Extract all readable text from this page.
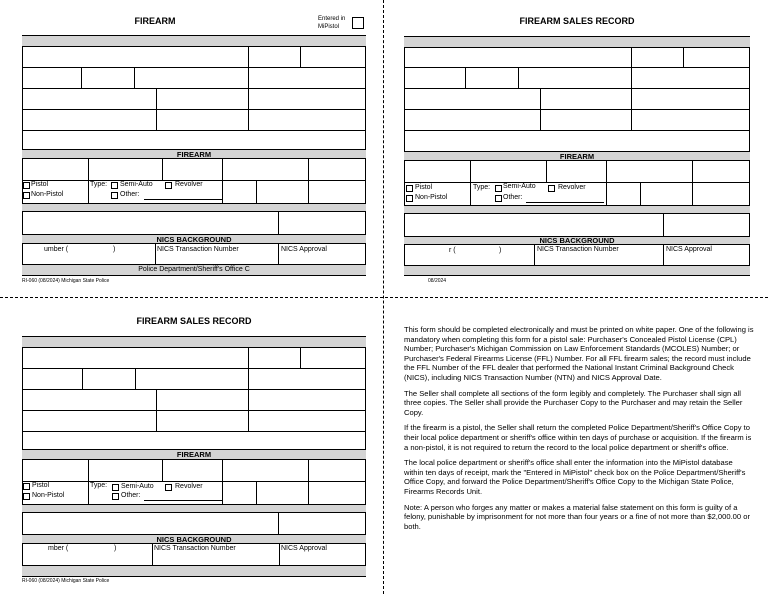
FIREARM	Entered in
MiPistol
FIREARM
Pistol
Non-Pistol
Type: Semi-Auto	Revolver
Other:
NICS BACKGROUND
umber (	)	NICS Transaction Number	NICS Approval
Police Department/Sheriff's Office C
RI-060 (08/2024) Michigan State Police
FIREARM SALES RECORD
FIREARM
Pistol
Non-Pistol
Type: Semi-Auto	Revolver
Other:
NICS BACKGROUND
r (	)	NICS Transaction Number	NICS Approval
08/2024
FIREARM SALES RECORD
FIREARM
Pistol
Non-Pistol
Type: Semi-Auto	Revolver
Other:
NICS BACKGROUND
mber (	)	NICS Transaction Number	NICS Approval
RI-060 (08/2024) Michigan State Police

This form should be completed electronically and must be printed on white paper. One of the following is mandatory when completing this form for a pistol sale: Purchaser's Concealed Pistol License (CPL) Number; Purchaser's Michigan Commission on Law Enforcement Standards (MCOLES) Number; or Purchaser's Federal Firearms License (FFL) Number. For all FFL firearm sales; the record must include the FFL Number of the FFL dealer that performed the National Instant Criminal Background Check (NICS), including NICS Transaction Number (NTN) and NICS Approval Date.

The Seller shall complete all sections of the form legibly and completely. The Purchaser shall sign all three copies. The Seller shall provide the Purchaser Copy to the Purchaser and may retain the Seller Copy.

If the firearm is a pistol, the Seller shall return the completed Police Department/Sheriff's Office Copy to their local police department or sheriff's office within ten days of purchase or acquisition. If the firearm is a non-pistol, it is not required to return the record to the local police department or sheriff's office.

The local police department or sheriff's office shall enter the information into the MiPistol database within ten days of receipt, mark the "Entered in MiPistol" check box on the Police Department/Sheriff's Office Copy, and forward the Police Department/Sheriff's Office Copy to the Michigan State Police, Firearms Records Unit.

Note: A person who forges any matter or makes a material false statement on this form is guilty of a felony, punishable by imprisonment for not more than four years or a fine of not more than $2,000.00 or both.
